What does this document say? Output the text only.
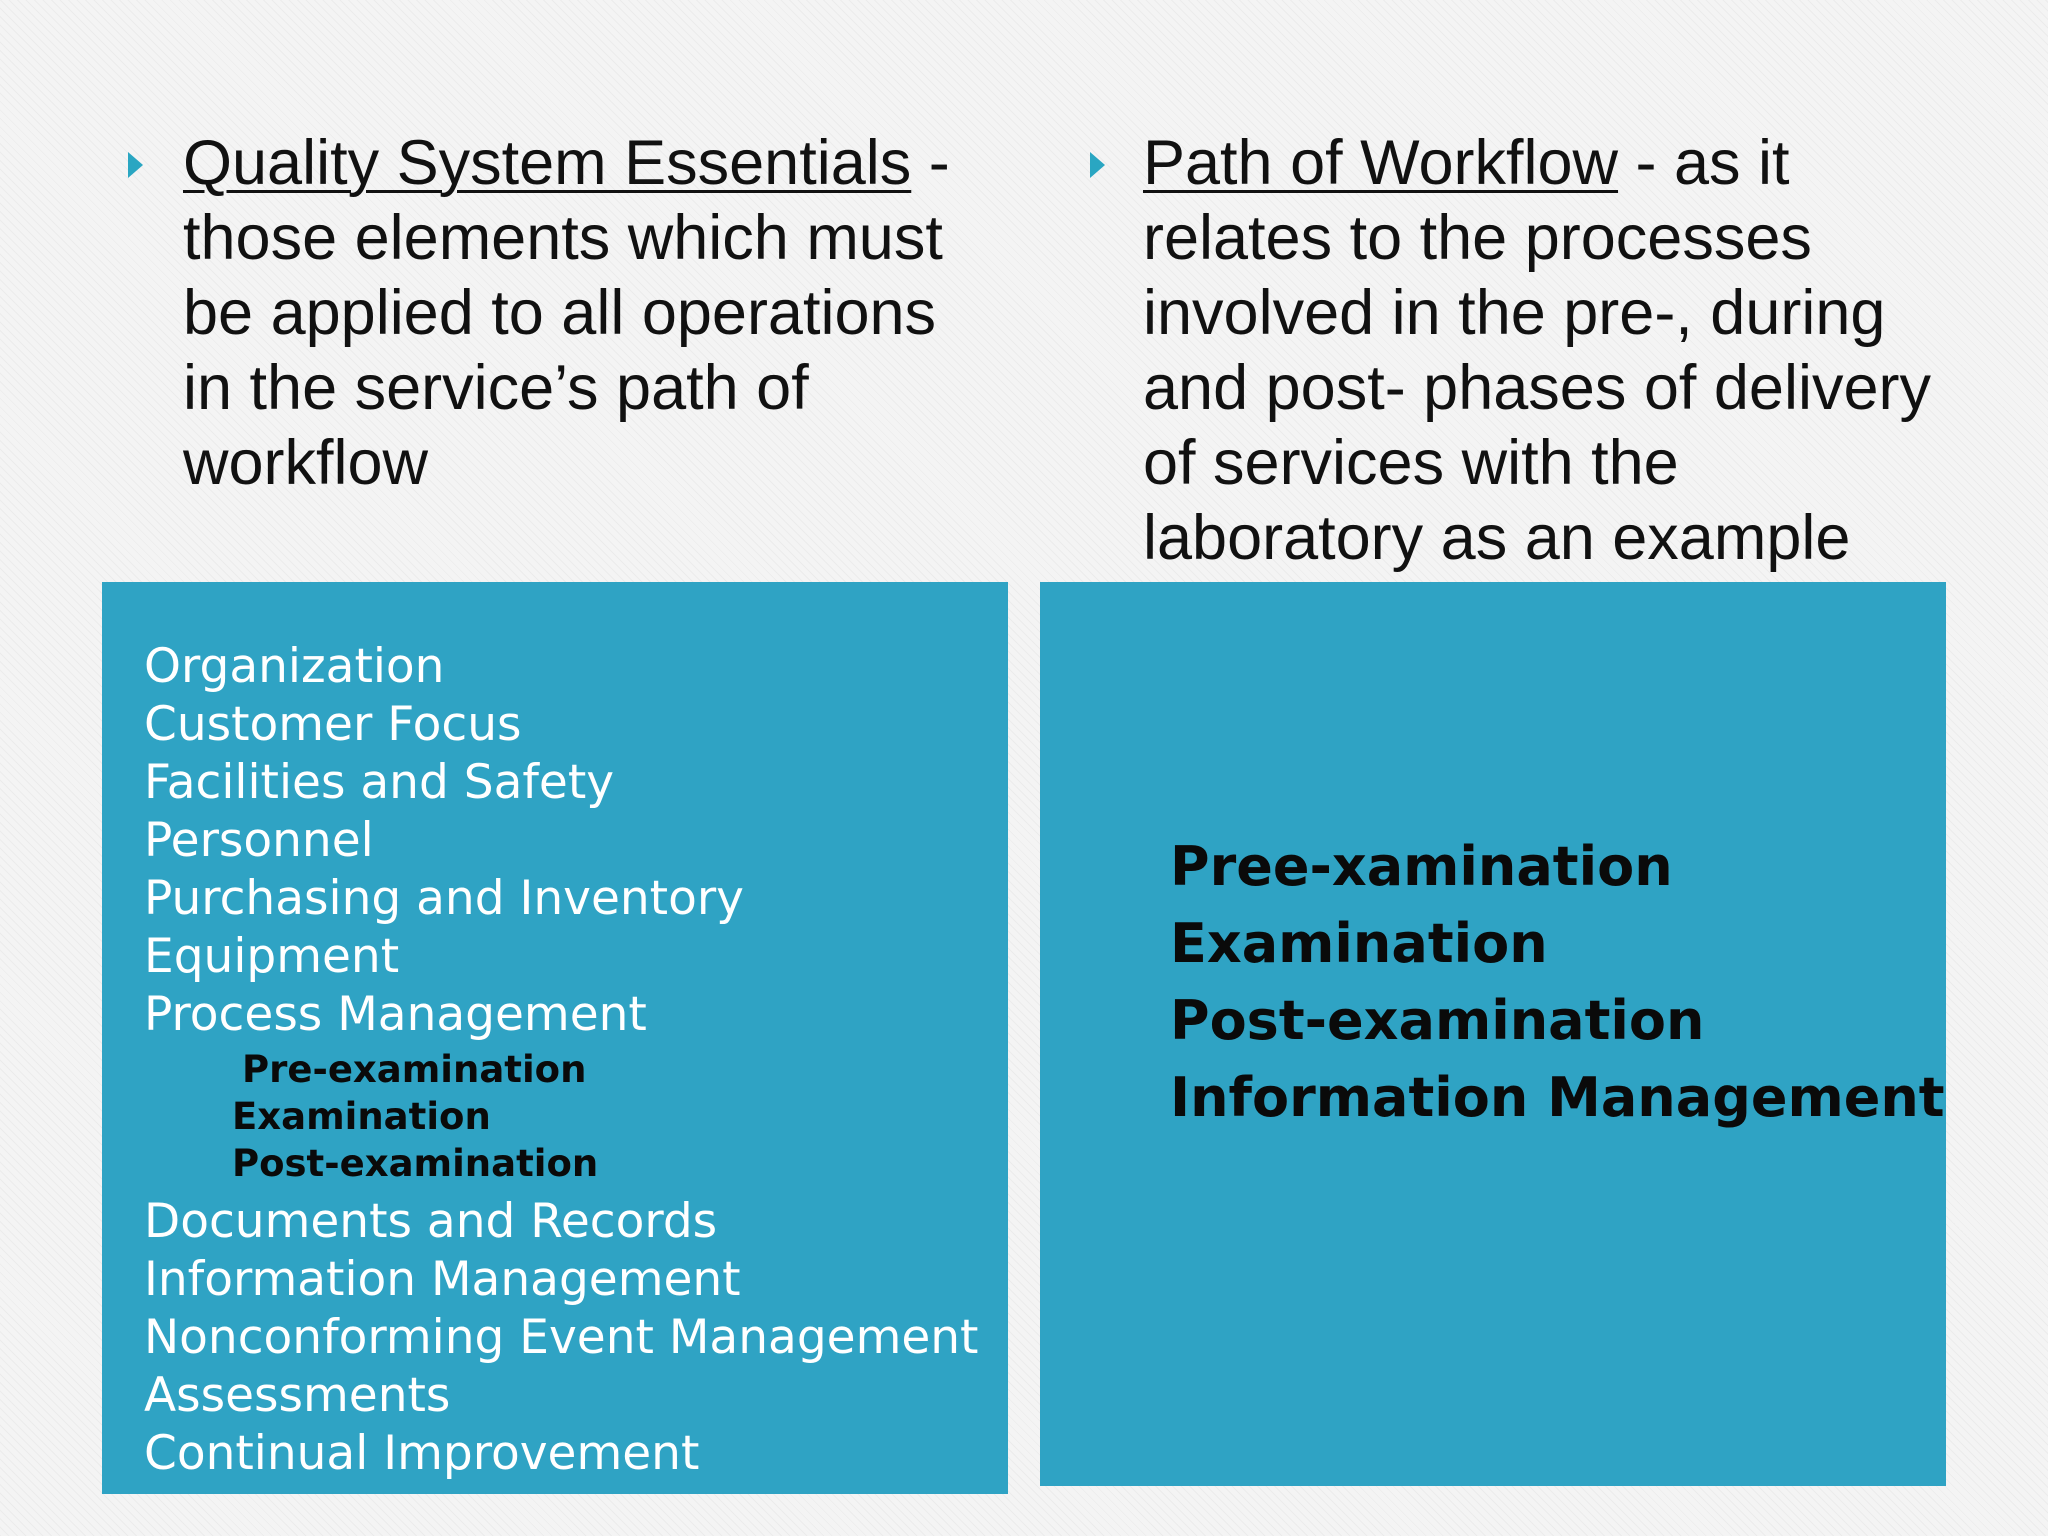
Quality System Essentials - those elements which must be applied to all operations in the service’s path of workflow

Path of Workflow - as it relates to the processes involved in the pre-, during and post- phases of delivery of services with the laboratory as an example

Organization
Customer Focus
Facilities and Safety
Personnel
Purchasing and Inventory
Equipment
Process Management
Pre-examination
Examination
Post-examination
Documents and Records
Information Management
Nonconforming Event Management
Assessments
Continual Improvement
Pree-xamination
Examination
Post-examination
Information Management
